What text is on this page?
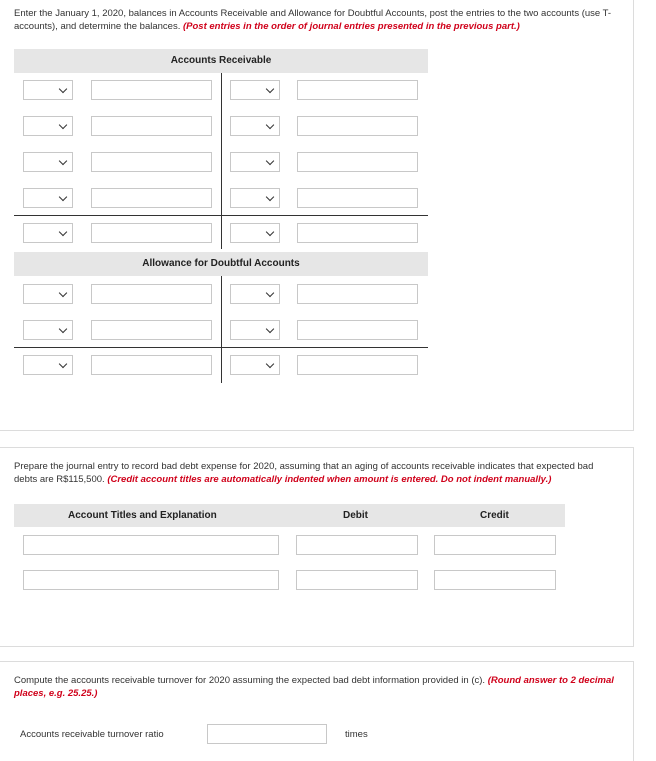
Enter the January 1, 2020, balances in Accounts Receivable and Allowance for Doubtful Accounts, post the entries to the two accounts (use T-accounts), and determine the balances. (Post entries in the order of journal entries presented in the previous part.)
Accounts Receivable
Allowance for Doubtful Accounts
Prepare the journal entry to record bad debt expense for 2020, assuming that an aging of accounts receivable indicates that expected bad debts are R$115,500. (Credit account titles are automatically indented when amount is entered. Do not indent manually.)
Account Titles and Explanation	Debit	Credit
Compute the accounts receivable turnover for 2020 assuming the expected bad debt information provided in (c). (Round answer to 2 decimal places, e.g. 25.25.)
Accounts receivable turnover ratio	times
